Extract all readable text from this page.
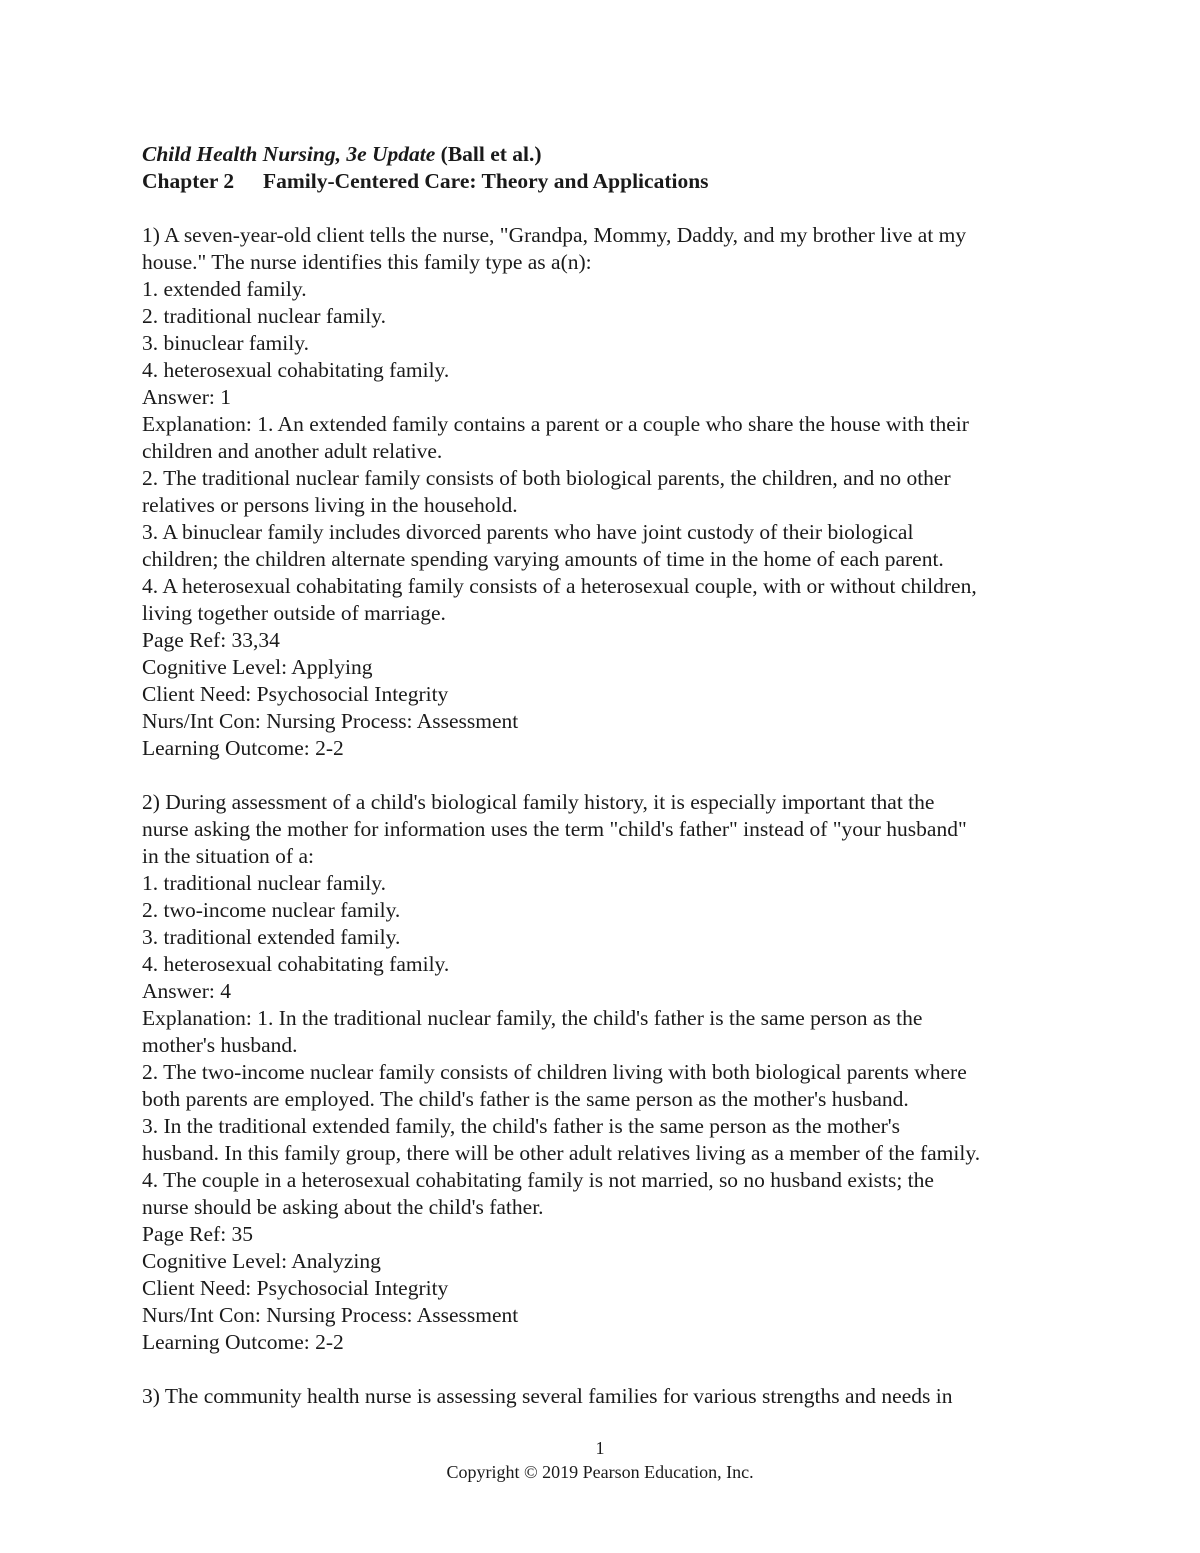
Child Health Nursing, 3e Update (Ball et al.)

Chapter 2 Family-Centered Care: Theory and Applications

1) A seven-year-old client tells the nurse, "Grandpa, Mommy, Daddy, and my brother live at my

house." The nurse identifies this family type as a(n):

1. extended family.

2. traditional nuclear family.

3. binuclear family.

4. heterosexual cohabitating family.

Answer: 1

Explanation: 1. An extended family contains a parent or a couple who share the house with their

children and another adult relative.

2. The traditional nuclear family consists of both biological parents, the children, and no other

relatives or persons living in the household.

3. A binuclear family includes divorced parents who have joint custody of their biological

children; the children alternate spending varying amounts of time in the home of each parent.

4. A heterosexual cohabitating family consists of a heterosexual couple, with or without children,

living together outside of marriage.

Page Ref: 33,34

Cognitive Level: Applying

Client Need: Psychosocial Integrity

Nurs/Int Con: Nursing Process: Assessment

Learning Outcome: 2-2

2) During assessment of a child's biological family history, it is especially important that the

nurse asking the mother for information uses the term "child's father" instead of "your husband"

in the situation of a:

1. traditional nuclear family.

2. two-income nuclear family.

3. traditional extended family.

4. heterosexual cohabitating family.

Answer: 4

Explanation: 1. In the traditional nuclear family, the child's father is the same person as the

mother's husband.

2. The two-income nuclear family consists of children living with both biological parents where

both parents are employed. The child's father is the same person as the mother's husband.

3. In the traditional extended family, the child's father is the same person as the mother's

husband. In this family group, there will be other adult relatives living as a member of the family.

4. The couple in a heterosexual cohabitating family is not married, so no husband exists; the

nurse should be asking about the child's father.

Page Ref: 35

Cognitive Level: Analyzing

Client Need: Psychosocial Integrity

Nurs/Int Con: Nursing Process: Assessment

Learning Outcome: 2-2

3) The community health nurse is assessing several families for various strengths and needs in

1
Copyright © 2019 Pearson Education, Inc.
